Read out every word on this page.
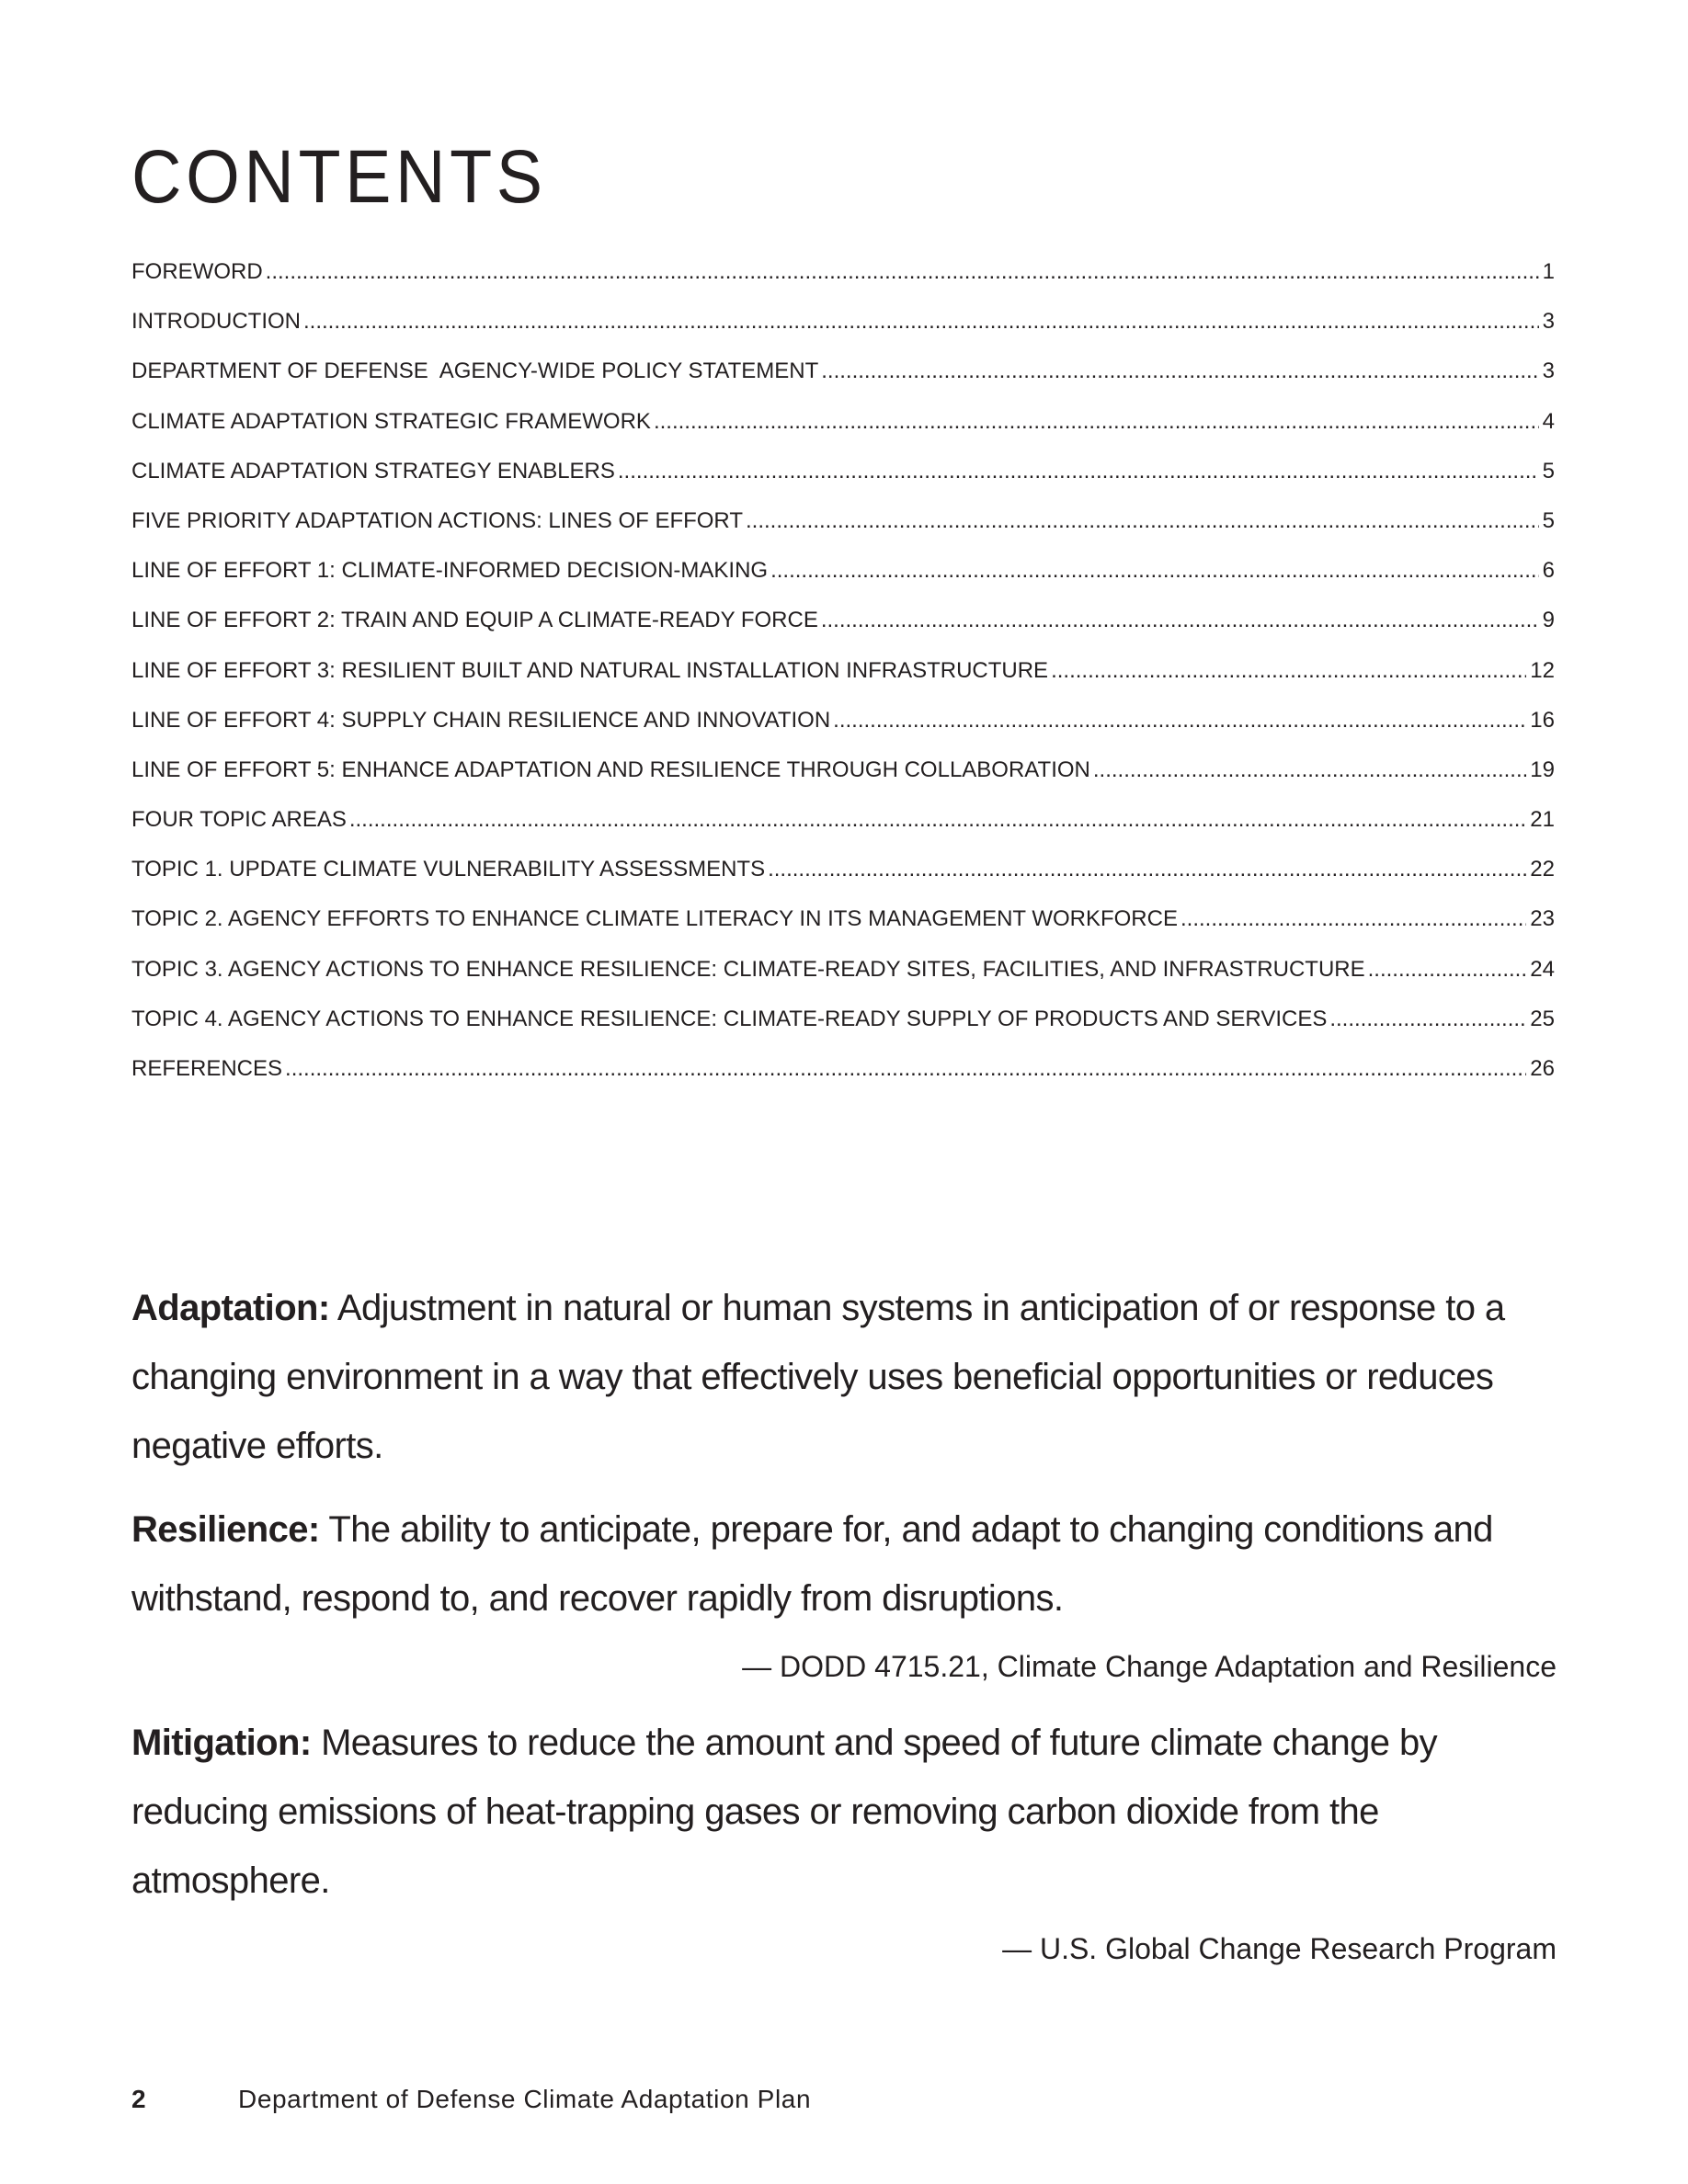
CONTENTS
FOREWORD .....	1
INTRODUCTION .....	3
DEPARTMENT OF DEFENSE  AGENCY-WIDE POLICY STATEMENT .....	3
CLIMATE ADAPTATION STRATEGIC FRAMEWORK .....	4
CLIMATE ADAPTATION STRATEGY ENABLERS .....	5
FIVE PRIORITY ADAPTATION ACTIONS: LINES OF EFFORT .....	5
LINE OF EFFORT 1: CLIMATE-INFORMED DECISION-MAKING .....	6
LINE OF EFFORT 2: TRAIN AND EQUIP A CLIMATE-READY FORCE .....	9
LINE OF EFFORT 3: RESILIENT BUILT AND NATURAL INSTALLATION INFRASTRUCTURE .....	12
LINE OF EFFORT 4: SUPPLY CHAIN RESILIENCE AND INNOVATION .....	16
LINE OF EFFORT 5: ENHANCE ADAPTATION AND RESILIENCE THROUGH COLLABORATION .....	19
FOUR TOPIC AREAS .....	21
TOPIC 1. UPDATE CLIMATE VULNERABILITY ASSESSMENTS .....	22
TOPIC 2. AGENCY EFFORTS TO ENHANCE CLIMATE LITERACY IN ITS MANAGEMENT WORKFORCE .....	23
TOPIC 3. AGENCY ACTIONS TO ENHANCE RESILIENCE: CLIMATE-READY SITES, FACILITIES, AND INFRASTRUCTURE .....	24
TOPIC 4. AGENCY ACTIONS TO ENHANCE RESILIENCE: CLIMATE-READY SUPPLY OF PRODUCTS AND SERVICES .....	25
REFERENCES .....	26

Adaptation: Adjustment in natural or human systems in anticipation of or response to a changing environment in a way that effectively uses beneficial opportunities or reduces negative efforts.

Resilience: The ability to anticipate, prepare for, and adapt to changing conditions and withstand, respond to, and recover rapidly from disruptions.

— DODD 4715.21, Climate Change Adaptation and Resilience

Mitigation: Measures to reduce the amount and speed of future climate change by reducing emissions of heat-trapping gases or removing carbon dioxide from the atmosphere.

— U.S. Global Change Research Program

2	Department of Defense Climate Adaptation Plan
